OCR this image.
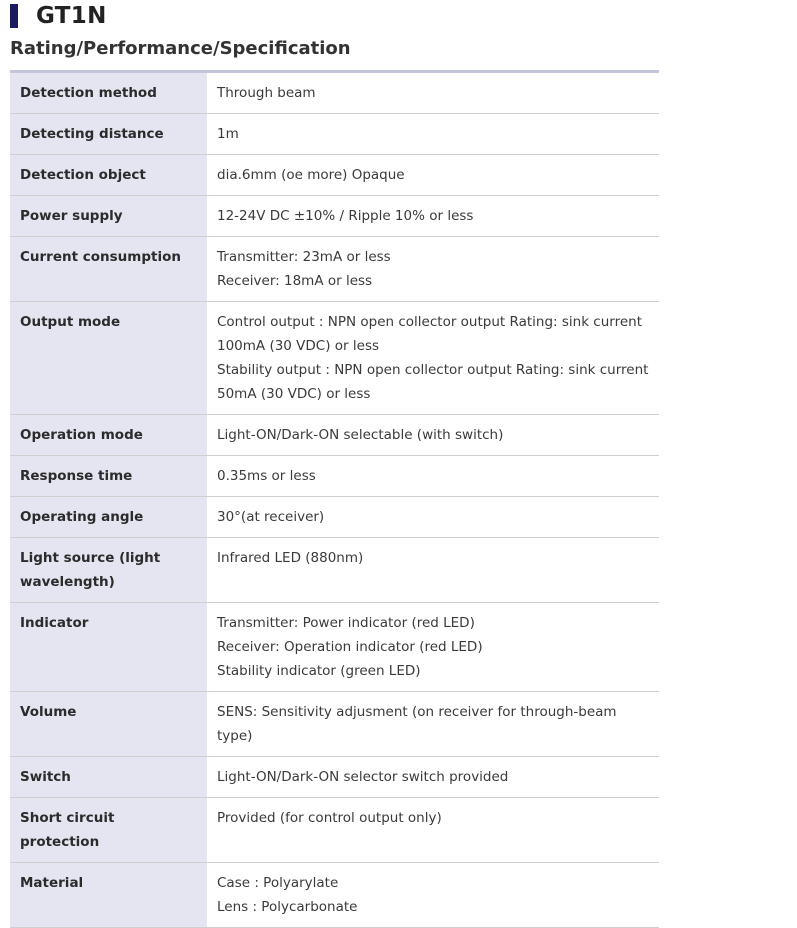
GT1N
Rating/Performance/Specification
Detection method	Through beam

Detecting distance	1m

Detection object	dia.6mm (oe more) Opaque

Power supply	12-24V DC ±10% / Ripple 10% or less

Current consumption	Transmitter: 23mA or less
Receiver: 18mA or less

Output mode	Control output : NPN open collector output Rating: sink current 100mA (30 VDC) or less
Stability output : NPN open collector output Rating: sink current 50mA (30 VDC) or less

Operation mode	Light-ON/Dark-ON selectable (with switch)

Response time	0.35ms or less

Operating angle	30°(at receiver)

Light source (light wavelength)	Infrared LED (880nm)

Indicator	Transmitter: Power indicator (red LED)
Receiver: Operation indicator (red LED)
Stability indicator (green LED)

Volume	SENS: Sensitivity adjusment (on receiver for through-beam type)

Switch	Light-ON/Dark-ON selector switch provided

Short circuit protection	Provided (for control output only)

Material	Case : Polyarylate
Lens : Polycarbonate
